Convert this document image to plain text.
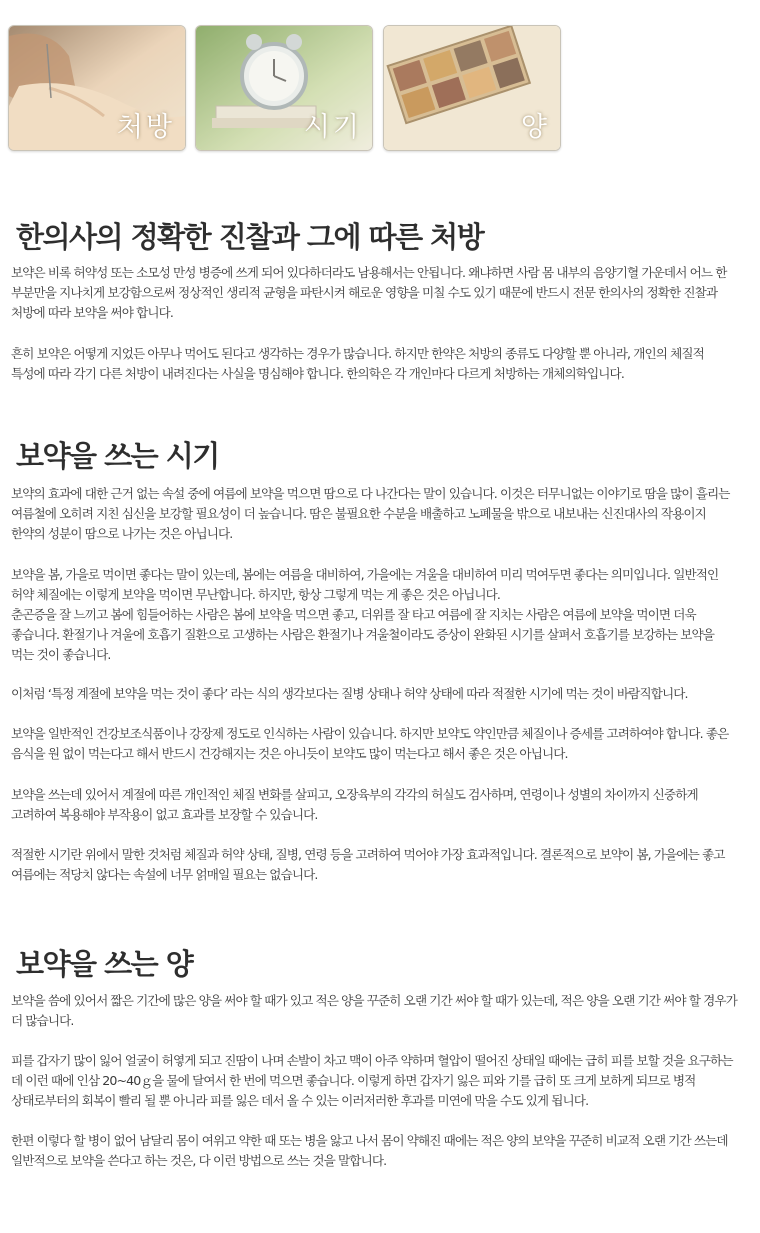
처방	시기	양
한의사의 정확한 진찰과 그에 따른 처방
보약은 비록 허약성 또는 소모성 만성 병증에 쓰게 되어 있다하더라도 남용해서는 안됩니다. 왜냐하면 사람 몸 내부의 음양기혈 가운데서 어느 한
부분만을 지나치게 보강함으로써 정상적인 생리적 균형을 파탄시켜 해로운 영향을 미칠 수도 있기 때문에 반드시 전문 한의사의 정확한 진찰과
처방에 따라 보약을 써야 합니다.
흔히 보약은 어떻게 지었든 아무나 먹어도 된다고 생각하는 경우가 많습니다. 하지만 한약은 처방의 종류도 다양할 뿐 아니라, 개인의 체질적
특성에 따라 각기 다른 처방이 내려진다는 사실을 명심해야 합니다. 한의학은 각 개인마다 다르게 처방하는 개체의학입니다.
보약을 쓰는 시기
보약의 효과에 대한 근거 없는 속설 중에 여름에 보약을 먹으면 땀으로 다 나간다는 말이 있습니다. 이것은 터무니없는 이야기로 땀을 많이 흘리는
여름철에 오히려 지친 심신을 보강할 필요성이 더 높습니다. 땀은 불필요한 수분을 배출하고 노폐물을 밖으로 내보내는 신진대사의 작용이지
한약의 성분이 땀으로 나가는 것은 아닙니다.
보약을 봄, 가을로 먹이면 좋다는 말이 있는데, 봄에는 여름을 대비하여, 가을에는 겨울을 대비하여 미리 먹여두면 좋다는 의미입니다. 일반적인
허약 체질에는 이렇게 보약을 먹이면 무난합니다. 하지만, 항상 그렇게 먹는 게 좋은 것은 아닙니다.
춘곤증을 잘 느끼고 봄에 힘들어하는 사람은 봄에 보약을 먹으면 좋고, 더위를 잘 타고 여름에 잘 지치는 사람은 여름에 보약을 먹이면 더욱
좋습니다. 환절기나 겨울에 호흡기 질환으로 고생하는 사람은 환절기나 겨울철이라도 증상이 완화된 시기를 살펴서 호흡기를 보강하는 보약을
먹는 것이 좋습니다.
이처럼 ‘특정 계절에 보약을 먹는 것이 좋다’ 라는 식의 생각보다는 질병 상태나 허약 상태에 따라 적절한 시기에 먹는 것이 바람직합니다.
보약을 일반적인 건강보조식품이나 강장제 정도로 인식하는 사람이 있습니다. 하지만 보약도 약인만큼 체질이나 증세를 고려하여야 합니다. 좋은
음식을 원 없이 먹는다고 해서 반드시 건강해지는 것은 아니듯이 보약도 많이 먹는다고 해서 좋은 것은 아닙니다.
보약을 쓰는데 있어서 계절에 따른 개인적인 체질 변화를 살피고, 오장육부의 각각의 허실도 검사하며, 연령이나 성별의 차이까지 신중하게
고려하여 복용해야 부작용이 없고 효과를 보장할 수 있습니다.
적절한 시기란 위에서 말한 것처럼 체질과 허약 상태, 질병, 연령 등을 고려하여 먹어야 가장 효과적입니다. 결론적으로 보약이 봄, 가을에는 좋고
여름에는 적당치 않다는 속설에 너무 얽매일 필요는 없습니다.
보약을 쓰는 양
보약을 씀에 있어서 짧은 기간에 많은 양을 써야 할 때가 있고 적은 양을 꾸준히 오랜 기간 써야 할 때가 있는데, 적은 양을 오랜 기간 써야 할 경우가
더 많습니다.
피를 갑자기 많이 잃어 얼굴이 허옇게 되고 진땀이 나며 손발이 차고 맥이 아주 약하며 혈압이 떨어진 상태일 때에는 급히 피를 보할 것을 요구하는
데 이런 때에 인삼 20~40ｇ을 물에 달여서 한 번에 먹으면 좋습니다. 이렇게 하면 갑자기 잃은 피와 기를 급히 또 크게 보하게 되므로 병적
상태로부터의 회복이 빨리 될 뿐 아니라 피를 잃은 데서 올 수 있는 이러저러한 후과를 미연에 막을 수도 있게 됩니다.
한편 이렇다 할 병이 없어 남달리 몸이 여위고 약한 때 또는 병을 앓고 나서 몸이 약해진 때에는 적은 양의 보약을 꾸준히 비교적 오랜 기간 쓰는데
일반적으로 보약을 쓴다고 하는 것은, 다 이런 방법으로 쓰는 것을 말합니다.
